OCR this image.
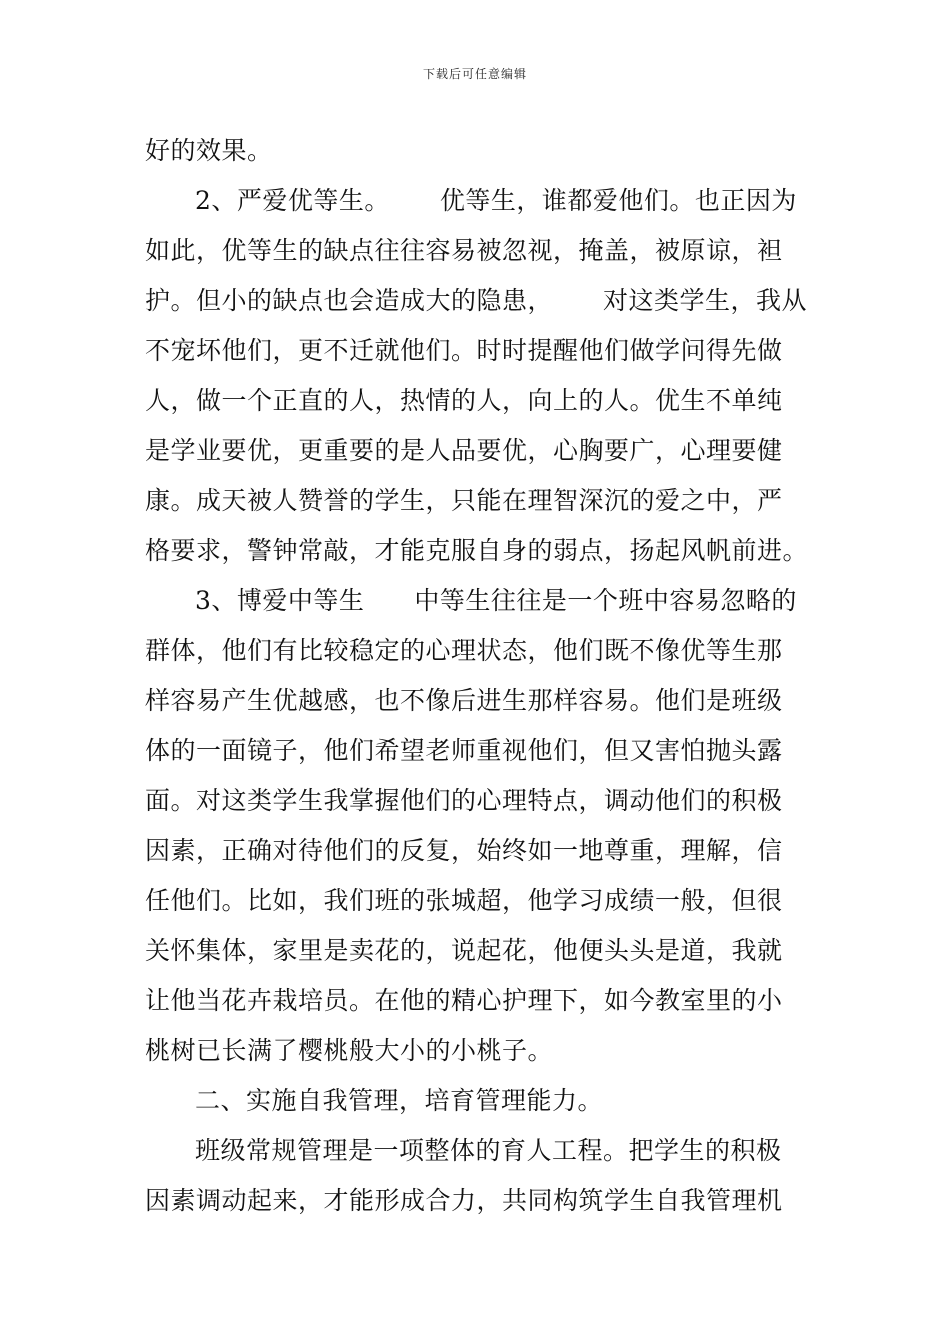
下载后可任意编辑
好的效果。
2、严爱优等生。 优等生，谁都爱他们。也正因为
如此，优等生的缺点往往容易被忽视，掩盖，被原谅，袒
护。但小的缺点也会造成大的隐患， 对这类学生，我从
不宠坏他们，更不迁就他们。时时提醒他们做学问得先做
人，做一个正直的人，热情的人，向上的人。优生不单纯
是学业要优，更重要的是人品要优，心胸要广，心理要健
康。成天被人赞誉的学生，只能在理智深沉的爱之中，严
格要求，警钟常敲，才能克服自身的弱点，扬起风帆前进。
3、博爱中等生 中等生往往是一个班中容易忽略的
群体，他们有比较稳定的心理状态，他们既不像优等生那
样容易产生优越感，也不像后进生那样容易。他们是班级
体的一面镜子，他们希望老师重视他们，但又害怕抛头露
面。对这类学生我掌握他们的心理特点，调动他们的积极
因素，正确对待他们的反复，始终如一地尊重，理解，信
任他们。比如，我们班的张城超，他学习成绩一般，但很
关怀集体，家里是卖花的，说起花，他便头头是道，我就
让他当花卉栽培员。在他的精心护理下，如今教室里的小
桃树已长满了樱桃般大小的小桃子。
二、实施自我管理，培育管理能力。
班级常规管理是一项整体的育人工程。把学生的积极
因素调动起来，才能形成合力，共同构筑学生自我管理机
